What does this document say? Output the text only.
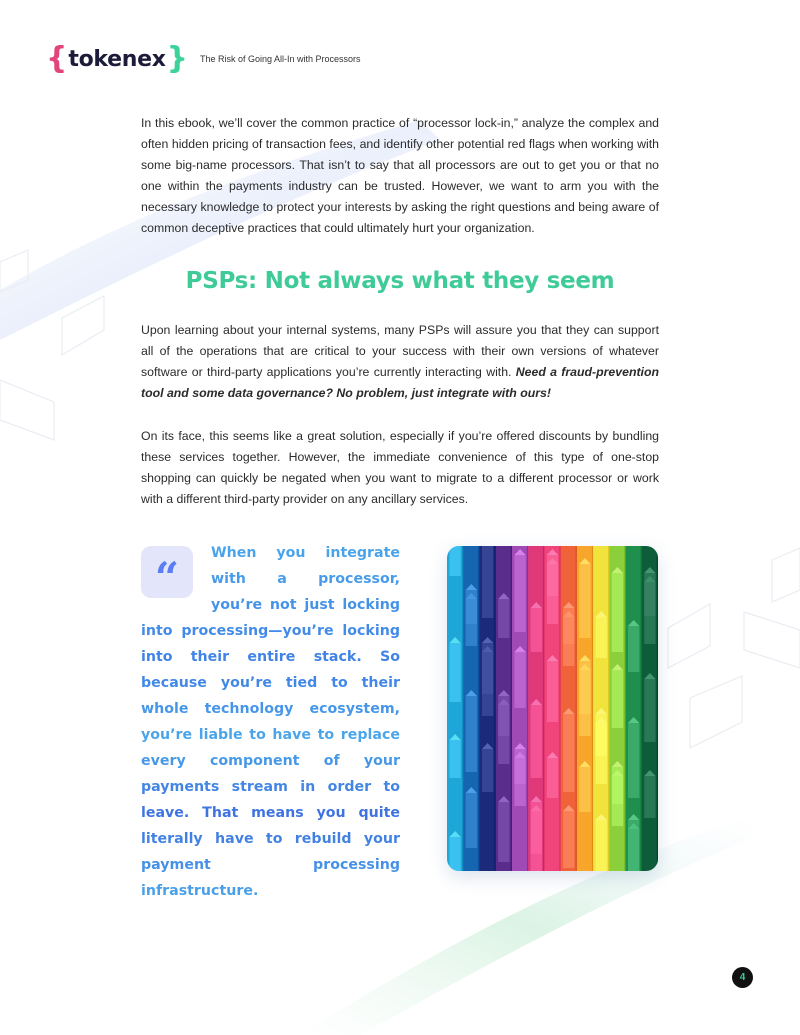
{ tokenex } The Risk of Going All-In with Processors

In this ebook, we’ll cover the common practice of “processor lock-in,” analyze the complex and often hidden pricing of transaction fees, and identify other potential red flags when working with some big-name processors. That isn’t to say that all processors are out to get you or that no one within the payments industry can be trusted. However, we want to arm you with the necessary knowledge to protect your interests by asking the right questions and being aware of common deceptive practices that could ultimately hurt your organization.

PSPs: Not always what they seem

Upon learning about your internal systems, many PSPs will assure you that they can support all of the operations that are critical to your success with their own versions of whatever software or third-party applications you’re currently interacting with. Need a fraud-prevention tool and some data governance? No problem, just integrate with ours!

On its face, this seems like a great solution, especially if you’re offered discounts by bundling these services together. However, the immediate convenience of this type of one-stop shopping can quickly be negated when you want to migrate to a different processor or work with a different third-party provider on any ancillary services.

“	When you integrate with a processor, you’re not just locking into processing—you’re locking into their entire stack. So because you’re tied to their whole technology ecosystem, you’re liable to have to replace every component of your payments stream in order to leave. That means you quite literally have to rebuild your payment processing infrastructure.

4
